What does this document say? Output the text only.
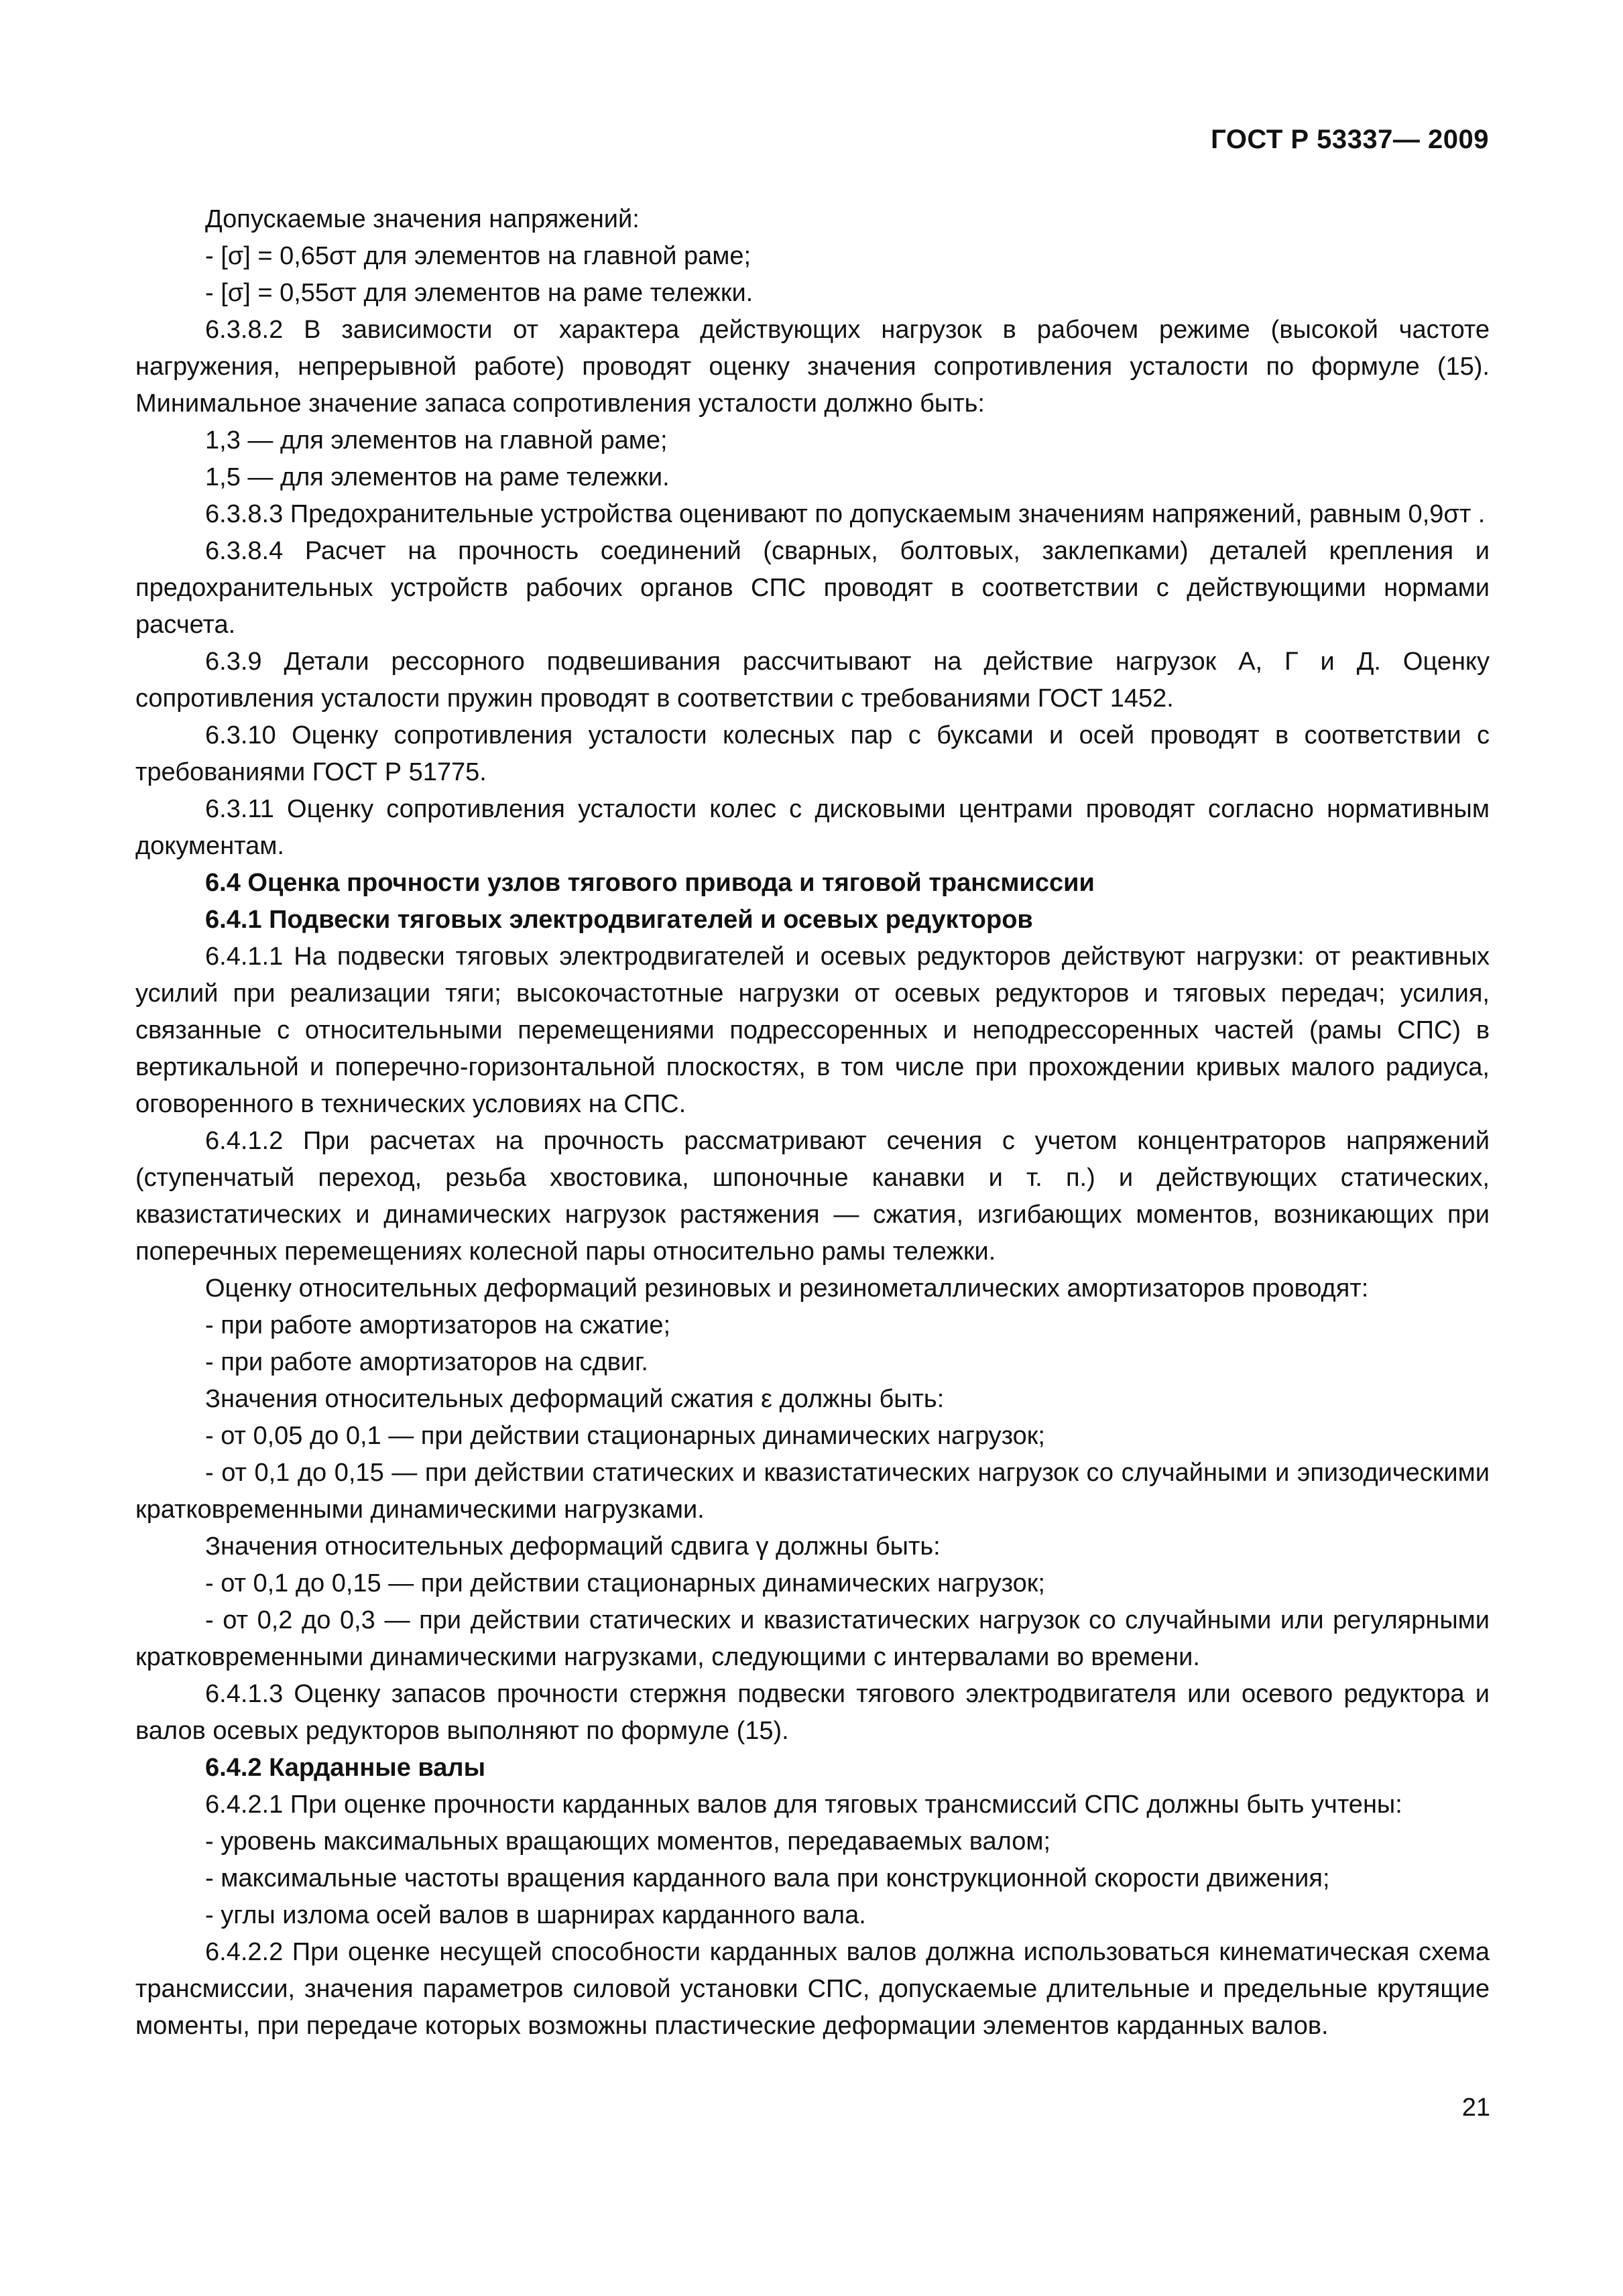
ГОСТ Р 53337— 2009

Допускаемые значения напряжений:

- [σ] = 0,65σт для элементов на главной раме;

- [σ] = 0,55σт для элементов на раме тележки.

6.3.8.2 В зависимости от характера действующих нагрузок в рабочем режиме (высокой частоте нагружения, непрерывной работе) проводят оценку значения сопротивления усталости по формуле (15). Минимальное значение запаса сопротивления усталости должно быть:

1,3 — для элементов на главной раме;

1,5 — для элементов на раме тележки.

6.3.8.3 Предохранительные устройства оценивают по допускаемым значениям напряжений, равным 0,9σт .

6.3.8.4 Расчет на прочность соединений (сварных, болтовых, заклепками) деталей крепления и предохранительных устройств рабочих органов СПС проводят в соответствии с действующими нормами расчета.

6.3.9 Детали рессорного подвешивания рассчитывают на действие нагрузок А, Г и Д. Оценку сопротивления усталости пружин проводят в соответствии с требованиями ГОСТ 1452.

6.3.10 Оценку сопротивления усталости колесных пар с буксами и осей проводят в соответствии с требованиями ГОСТ Р 51775.

6.3.11 Оценку сопротивления усталости колес с дисковыми центрами проводят согласно нормативным документам.

6.4 Оценка прочности узлов тягового привода и тяговой трансмиссии

6.4.1 Подвески тяговых электродвигателей и осевых редукторов

6.4.1.1 На подвески тяговых электродвигателей и осевых редукторов действуют нагрузки: от реактивных усилий при реализации тяги; высокочастотные нагрузки от осевых редукторов и тяговых передач; усилия, связанные с относительными перемещениями подрессоренных и неподрессоренных частей (рамы СПС) в вертикальной и поперечно-горизонтальной плоскостях, в том числе при прохождении кривых малого радиуса, оговоренного в технических условиях на СПС.

6.4.1.2 При расчетах на прочность рассматривают сечения с учетом концентраторов напряжений (ступенчатый переход, резьба хвостовика, шпоночные канавки и т. п.) и действующих статических, квазистатических и динамических нагрузок растяжения — сжатия, изгибающих моментов, возникающих при поперечных перемещениях колесной пары относительно рамы тележки.

Оценку относительных деформаций резиновых и резинометаллических амортизаторов проводят:

- при работе амортизаторов на сжатие;

- при работе амортизаторов на сдвиг.

Значения относительных деформаций сжатия ε должны быть:

- от 0,05 до 0,1 — при действии стационарных динамических нагрузок;

- от 0,1 до 0,15 — при действии статических и квазистатических нагрузок со случайными и эпизодическими кратковременными динамическими нагрузками.

Значения относительных деформаций сдвига γ должны быть:

- от 0,1 до 0,15 — при действии стационарных динамических нагрузок;

- от 0,2 до 0,3 — при действии статических и квазистатических нагрузок со случайными или регулярными кратковременными динамическими нагрузками, следующими с интервалами во времени.

6.4.1.3 Оценку запасов прочности стержня подвески тягового электродвигателя или осевого редуктора и валов осевых редукторов выполняют по формуле (15).

6.4.2 Карданные валы

6.4.2.1 При оценке прочности карданных валов для тяговых трансмиссий СПС должны быть учтены:

- уровень максимальных вращающих моментов, передаваемых валом;

- максимальные частоты вращения карданного вала при конструкционной скорости движения;

- углы излома осей валов в шарнирах карданного вала.

6.4.2.2 При оценке несущей способности карданных валов должна использоваться кинематическая схема трансмиссии, значения параметров силовой установки СПС, допускаемые длительные и предельные крутящие моменты, при передаче которых возможны пластические деформации элементов карданных валов.

21
